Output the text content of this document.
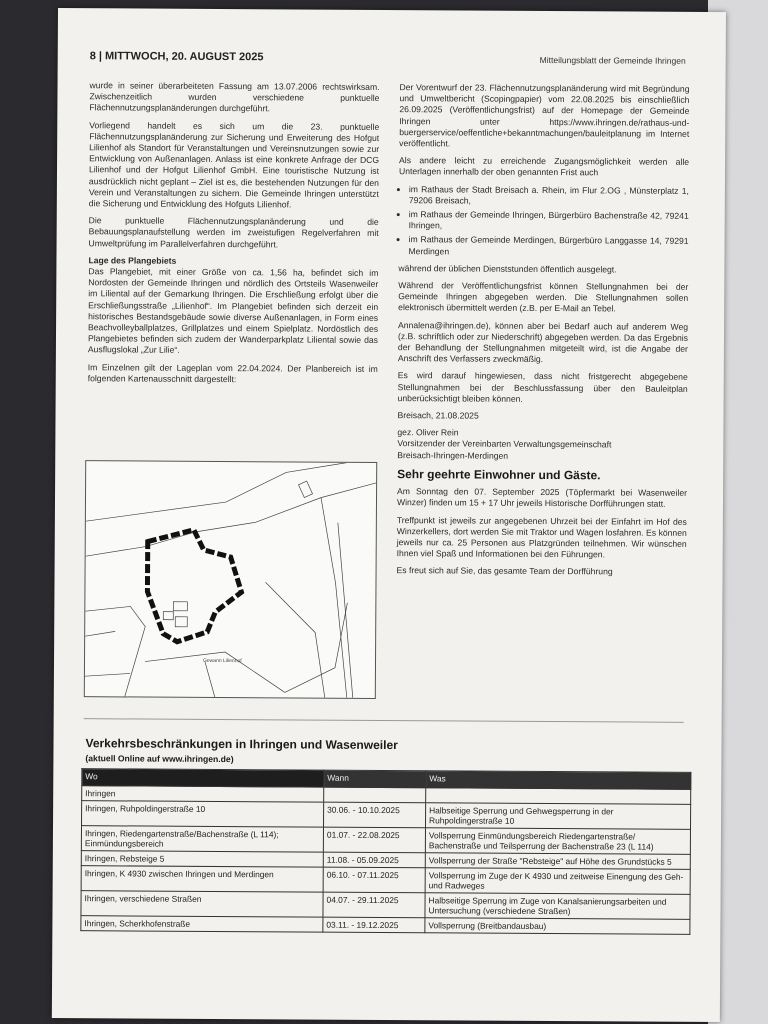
8 | MITTWOCH, 20. AUGUST 2025	Mitteilungsblatt der Gemeinde Ihringen

wurde in seiner überarbeiteten Fassung am 13.07.2006 rechtswirksam. Zwischenzeitlich wurden verschiedene punktuelle Flächennutzungsplanänderungen durchgeführt.

Vorliegend handelt es sich um die 23. punktuelle Flächennutzungsplanänderung zur Sicherung und Erweiterung des Hofgut Lilienhof als Standort für Veranstaltungen und Vereinsnutzungen sowie zur Entwicklung von Außenanlagen. Anlass ist eine konkrete Anfrage der DCG Lilienhof und der Hofgut Lilienhof GmbH. Eine touristische Nutzung ist ausdrücklich nicht geplant – Ziel ist es, die bestehenden Nutzungen für den Verein und Veranstaltungen zu sichern. Die Gemeinde Ihringen unterstützt die Sicherung und Entwicklung des Hofguts Lilienhof.

Die punktuelle Flächennutzungsplanänderung und die Bebauungsplanaufstellung werden im zweistufigen Regelverfahren mit Umweltprüfung im Parallelverfahren durchgeführt.

Lage des Plangebiets

Das Plangebiet, mit einer Größe von ca. 1,56 ha, befindet sich im Nordosten der Gemeinde Ihringen und nördlich des Ortsteils Wasenweiler im Liliental auf der Gemarkung Ihringen. Die Erschließung erfolgt über die Erschließungsstraße „Lilienhof“. Im Plangebiet befinden sich derzeit ein historisches Bestandsgebäude sowie diverse Außenanlagen, in Form eines Beachvolleyballplatzes, Grillplatzes und einem Spielplatz. Nordöstlich des Plangebietes befinden sich zudem der Wanderparkplatz Liliental sowie das Ausflugslokal „Zur Lilie“.

Im Einzelnen gilt der Lageplan vom 22.04.2024. Der Planbereich ist im folgenden Kartenausschnitt dargestellt:

Gewann Lilienhof

Der Vorentwurf der 23. Flächennutzungsplanänderung wird mit Begründung und Umweltbericht (Scopingpapier) vom 22.08.2025 bis einschließlich 26.09.2025 (Veröffentlichungsfrist) auf der Homepage der Gemeinde Ihringen unter https://www.ihringen.de/rathaus-und-buergerservice/oeffentliche+bekanntmachungen/bauleitplanung im Internet veröffentlicht.

Als andere leicht zu erreichende Zugangsmöglichkeit werden alle Unterlagen innerhalb der oben genannten Frist auch

• im Rathaus der Stadt Breisach a. Rhein, im Flur 2.OG , Münsterplatz 1, 79206 Breisach,
• im Rathaus der Gemeinde Ihringen, Bürgerbüro Bachenstraße 42, 79241 Ihringen,
• im Rathaus der Gemeinde Merdingen, Bürgerbüro Langgasse 14, 79291 Merdingen

während der üblichen Dienststunden öffentlich ausgelegt.

Während der Veröffentlichungsfrist können Stellungnahmen bei der Gemeinde Ihringen abgegeben werden. Die Stellungnahmen sollen elektronisch übermittelt werden (z.B. per E-Mail an Tebel.

Annalena@ihringen.de), können aber bei Bedarf auch auf anderem Weg (z.B. schriftlich oder zur Niederschrift) abgegeben werden. Da das Ergebnis der Behandlung der Stellungnahmen mitgeteilt wird, ist die Angabe der Anschrift des Verfassers zweckmäßig.

Es wird darauf hingewiesen, dass nicht fristgerecht abgegebene Stellungnahmen bei der Beschlussfassung über den Bauleitplan unberücksichtigt bleiben können.

Breisach, 21.08.2025

gez. Oliver Rein
Vorsitzender der Vereinbarten Verwaltungsgemeinschaft
Breisach-Ihringen-Merdingen
Sehr geehrte Einwohner und Gäste.

Am Sonntag den 07. September 2025 (Töpfermarkt bei Wasenweiler Winzer) finden um 15 + 17 Uhr jeweils Historische Dorfführungen statt.

Treffpunkt ist jeweils zur angegebenen Uhrzeit bei der Einfahrt im Hof des Winzerkellers, dort werden Sie mit Traktor und Wagen losfahren. Es können jeweils nur ca. 25 Personen aus Platzgründen teilnehmen. Wir wünschen Ihnen viel Spaß und Informationen bei den Führungen.

Es freut sich auf Sie, das gesamte Team der Dorfführung

Verkehrsbeschränkungen in Ihringen und Wasenweiler
(aktuell Online auf www.ihringen.de)
Wo	Wann	Was
Ihringen		
Ihringen, Ruhpoldingerstraße 10	30.06. - 10.10.2025	Halbseitige Sperrung und Gehwegsperrung in der Ruhpoldingerstraße 10
Ihringen, Riedengartenstraße/Bachenstraße (L 114); Einmündungsbereich	01.07. - 22.08.2025	Vollsperrung Einmündungsbereich Riedengartenstraße/ Bachenstraße und Teilsperrung der Bachenstraße 23 (L 114)
Ihringen, Rebsteige 5	11.08. - 05.09.2025	Vollsperrung der Straße "Rebsteige" auf Höhe des Grundstücks 5
Ihringen, K 4930 zwischen Ihringen und Merdingen	06.10. - 07.11.2025	Vollsperrung im Zuge der K 4930 und zeitweise Einengung des Geh- und Radweges
Ihringen, verschiedene Straßen	04.07. - 29.11.2025	Halbseitige Sperrung im Zuge von Kanalsanierungsarbeiten und Untersuchung (verschiedene Straßen)
Ihringen, Scherkhofenstraße	03.11. - 19.12.2025	Vollsperrung (Breitbandausbau)
